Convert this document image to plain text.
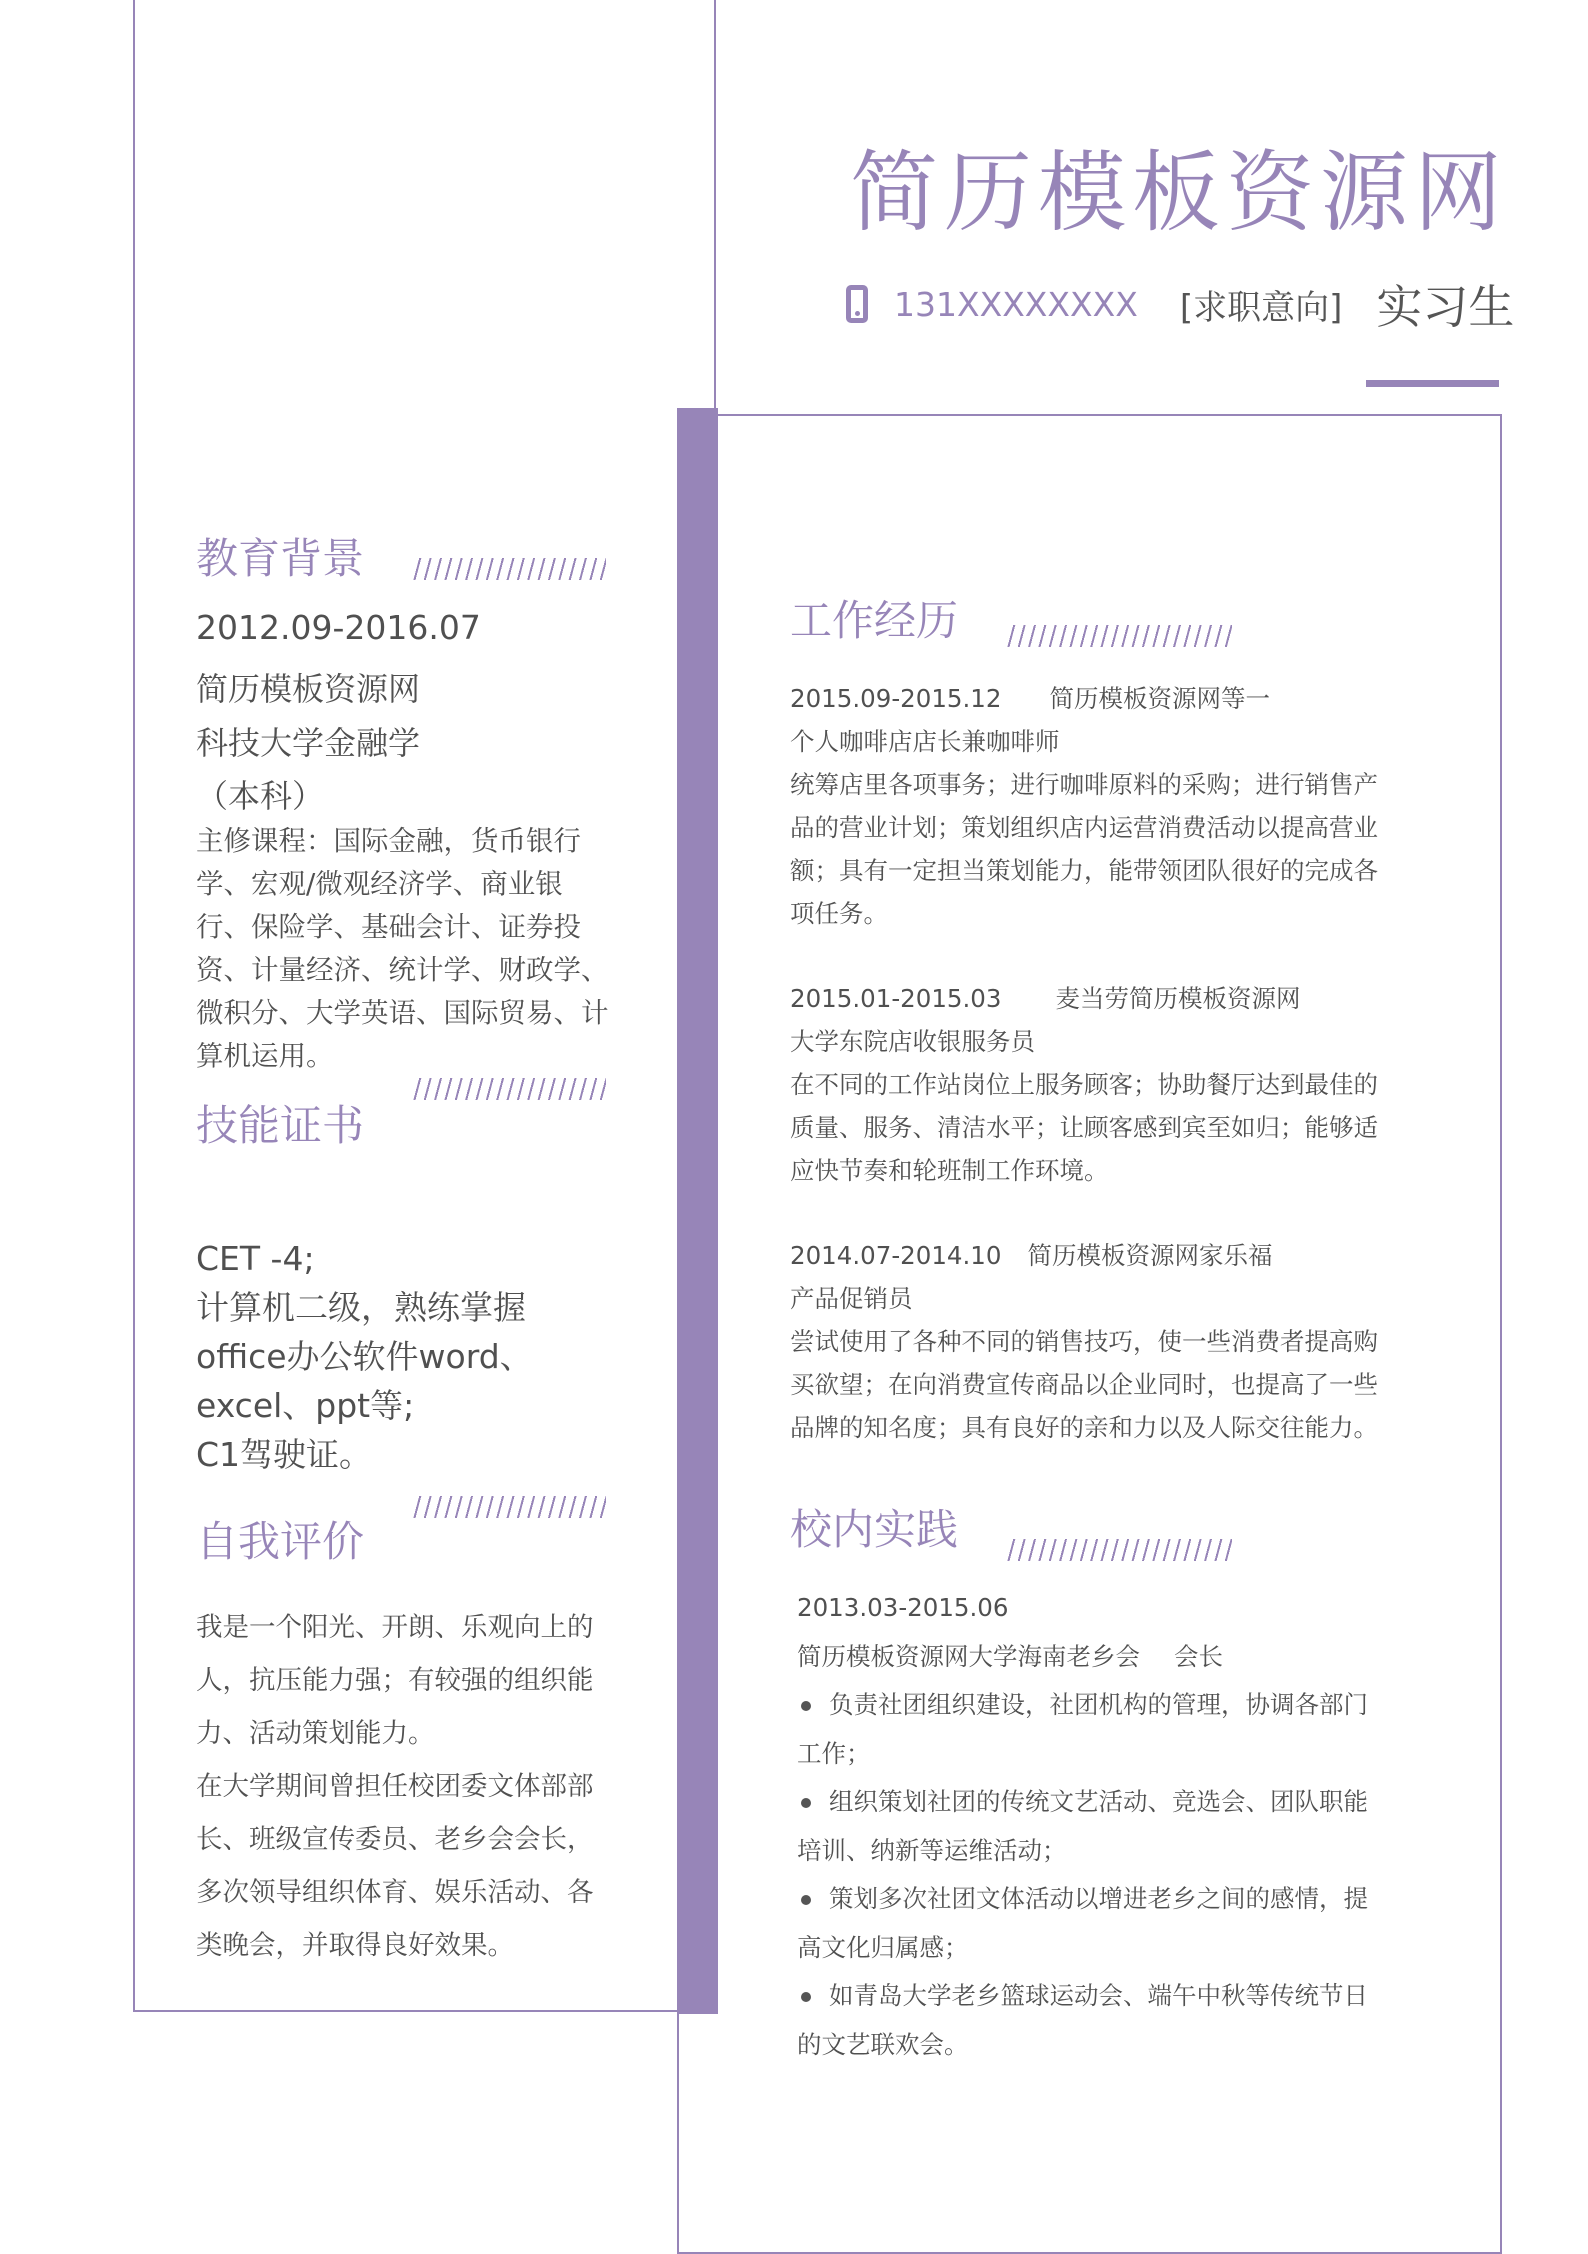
简历模板资源网
131XXXXXXXX [求职意向] 实习生
教育背景
2012.09-2016.07
简历模板资源网
科技大学金融学
（本科）
主修课程：国际金融，货币银行学、宏观/微观经济学、商业银行、保险学、基础会计、证券投资、计量经济、统计学、财政学、微积分、大学英语、国际贸易、计算机运用。
技能证书
CET -4;
计算机二级，熟练掌握
office办公软件word、
excel、ppt等;
C1驾驶证。
自我评价
我是一个阳光、开朗、乐观向上的人，抗压能力强；有较强的组织能力、活动策划能力。
在大学期间曾担任校团委文体部部长、班级宣传委员、老乡会会长，多次领导组织体育、娱乐活动、各类晚会，并取得良好效果。
工作经历
2015.09-2015.12 简历模板资源网等一
个人咖啡店店长兼咖啡师
统筹店里各项事务；进行咖啡原料的采购；进行销售产品的营业计划；策划组织店内运营消费活动以提高营业额；具有一定担当策划能力，能带领团队很好的完成各项任务。
2015.01-2015.03 麦当劳简历模板资源网
大学东院店收银服务员
在不同的工作站岗位上服务顾客；协助餐厅达到最佳的质量、服务、清洁水平；让顾客感到宾至如归；能够适应快节奏和轮班制工作环境。
2014.07-2014.10 简历模板资源网家乐福
产品促销员
尝试使用了各种不同的销售技巧，使一些消费者提高购买欲望；在向消费宣传商品以企业同时，也提高了一些品牌的知名度；具有良好的亲和力以及人际交往能力。
校内实践
2013.03-2015.06
简历模板资源网大学海南老乡会 会长
负责社团组织建设，社团机构的管理，协调各部门工作；
组织策划社团的传统文艺活动、竞选会、团队职能培训、纳新等运维活动；
策划多次社团文体活动以增进老乡之间的感情，提高文化归属感；
如青岛大学老乡篮球运动会、端午中秋等传统节日的文艺联欢会。
